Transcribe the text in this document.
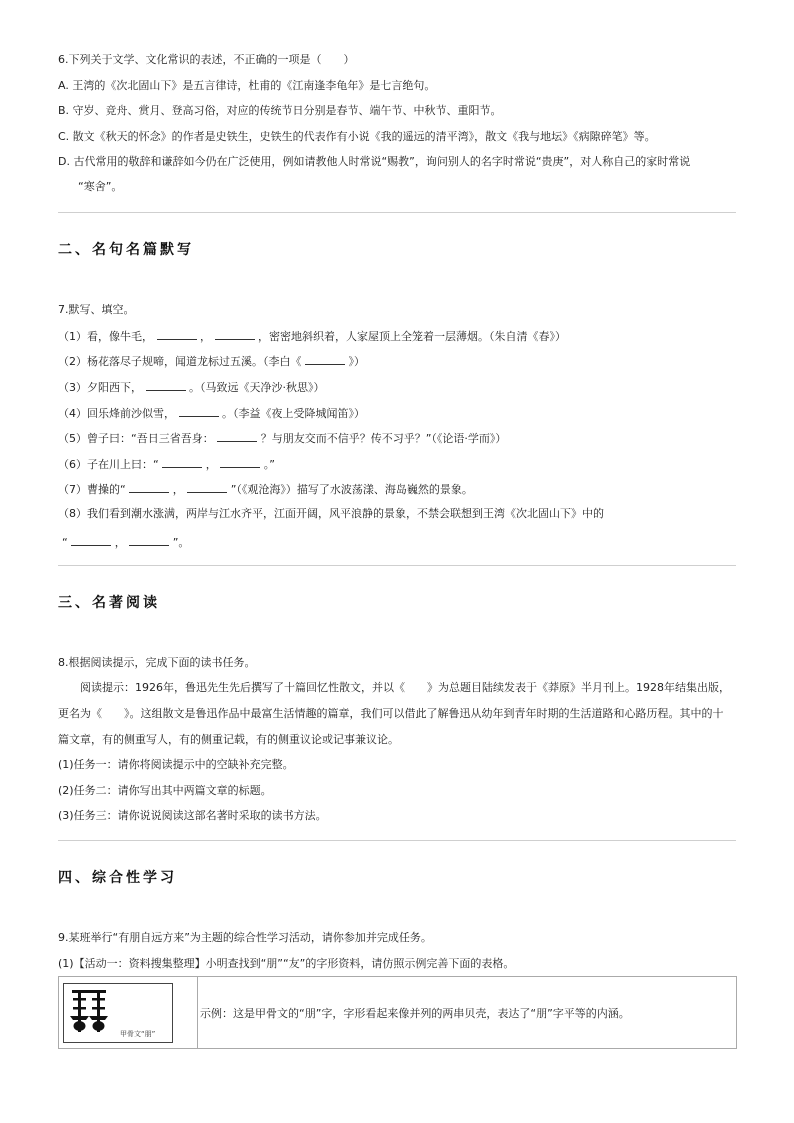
6.下列关于文学、文化常识的表述，不正确的一项是（　　）
A. 王湾的《次北固山下》是五言律诗，杜甫的《江南逢李龟年》是七言绝句。
B. 守岁、竞舟、赏月、登高习俗，对应的传统节日分别是春节、端午节、中秋节、重阳节。
C. 散文《秋天的怀念》的作者是史铁生，史铁生的代表作有小说《我的遥远的清平湾》，散文《我与地坛》《病隙碎笔》等。
D. 古代常用的敬辞和谦辞如今仍在广泛使用，例如请教他人时常说“赐教”，询问别人的名字时常说“贵庚”，对人称自己的家时常说
“寒舍”。
二、名句名篇默写
7.默写、填空。
（1）看，像牛毛，	，	，密密地斜织着，人家屋顶上全笼着一层薄烟。（朱自清《春》）
（2）杨花落尽子规啼，闻道龙标过五溪。（李白《	》）
（3）夕阳西下，	。（马致远《天净沙·秋思》）
（4）回乐烽前沙似雪，	。（李益《夜上受降城闻笛》）
（5）曾子曰：“吾日三省吾身：	？与朋友交而不信乎？传不习乎？”（《论语·学而》）
（6）子在川上曰：“	，	。”
（7）曹操的“	，	”（《观沧海》）描写了水波荡漾、海岛巍然的景象。
（8）我们看到潮水涨满，两岸与江水齐平，江面开阔，风平浪静的景象，不禁会联想到王湾《次北固山下》中的
“	，	”。
三、名著阅读
8.根据阅读提示，完成下面的读书任务。
阅读提示：1926年，鲁迅先生先后撰写了十篇回忆性散文，并以《　　》为总题目陆续发表于《莽原》半月刊上。1928年结集出版，
更名为《　　》。这组散文是鲁迅作品中最富生活情趣的篇章，我们可以借此了解鲁迅从幼年到青年时期的生活道路和心路历程。其中的十
篇文章，有的侧重写人，有的侧重记载，有的侧重议论或记事兼议论。
(1)任务一：请你将阅读提示中的空缺补充完整。
(2)任务二：请你写出其中两篇文章的标题。
(3)任务三：请你说说阅读这部名著时采取的读书方法。
四、综合性学习
9.某班举行“有朋自远方来”为主题的综合性学习活动，请你参加并完成任务。
(1)【活动一：资料搜集整理】小明查找到“朋”“友”的字形资料，请仿照示例完善下面的表格。
甲骨文“朋”
	示例：这是甲骨文的“朋”字，字形看起来像并列的两串贝壳，表达了“朋”字平等的内涵。
